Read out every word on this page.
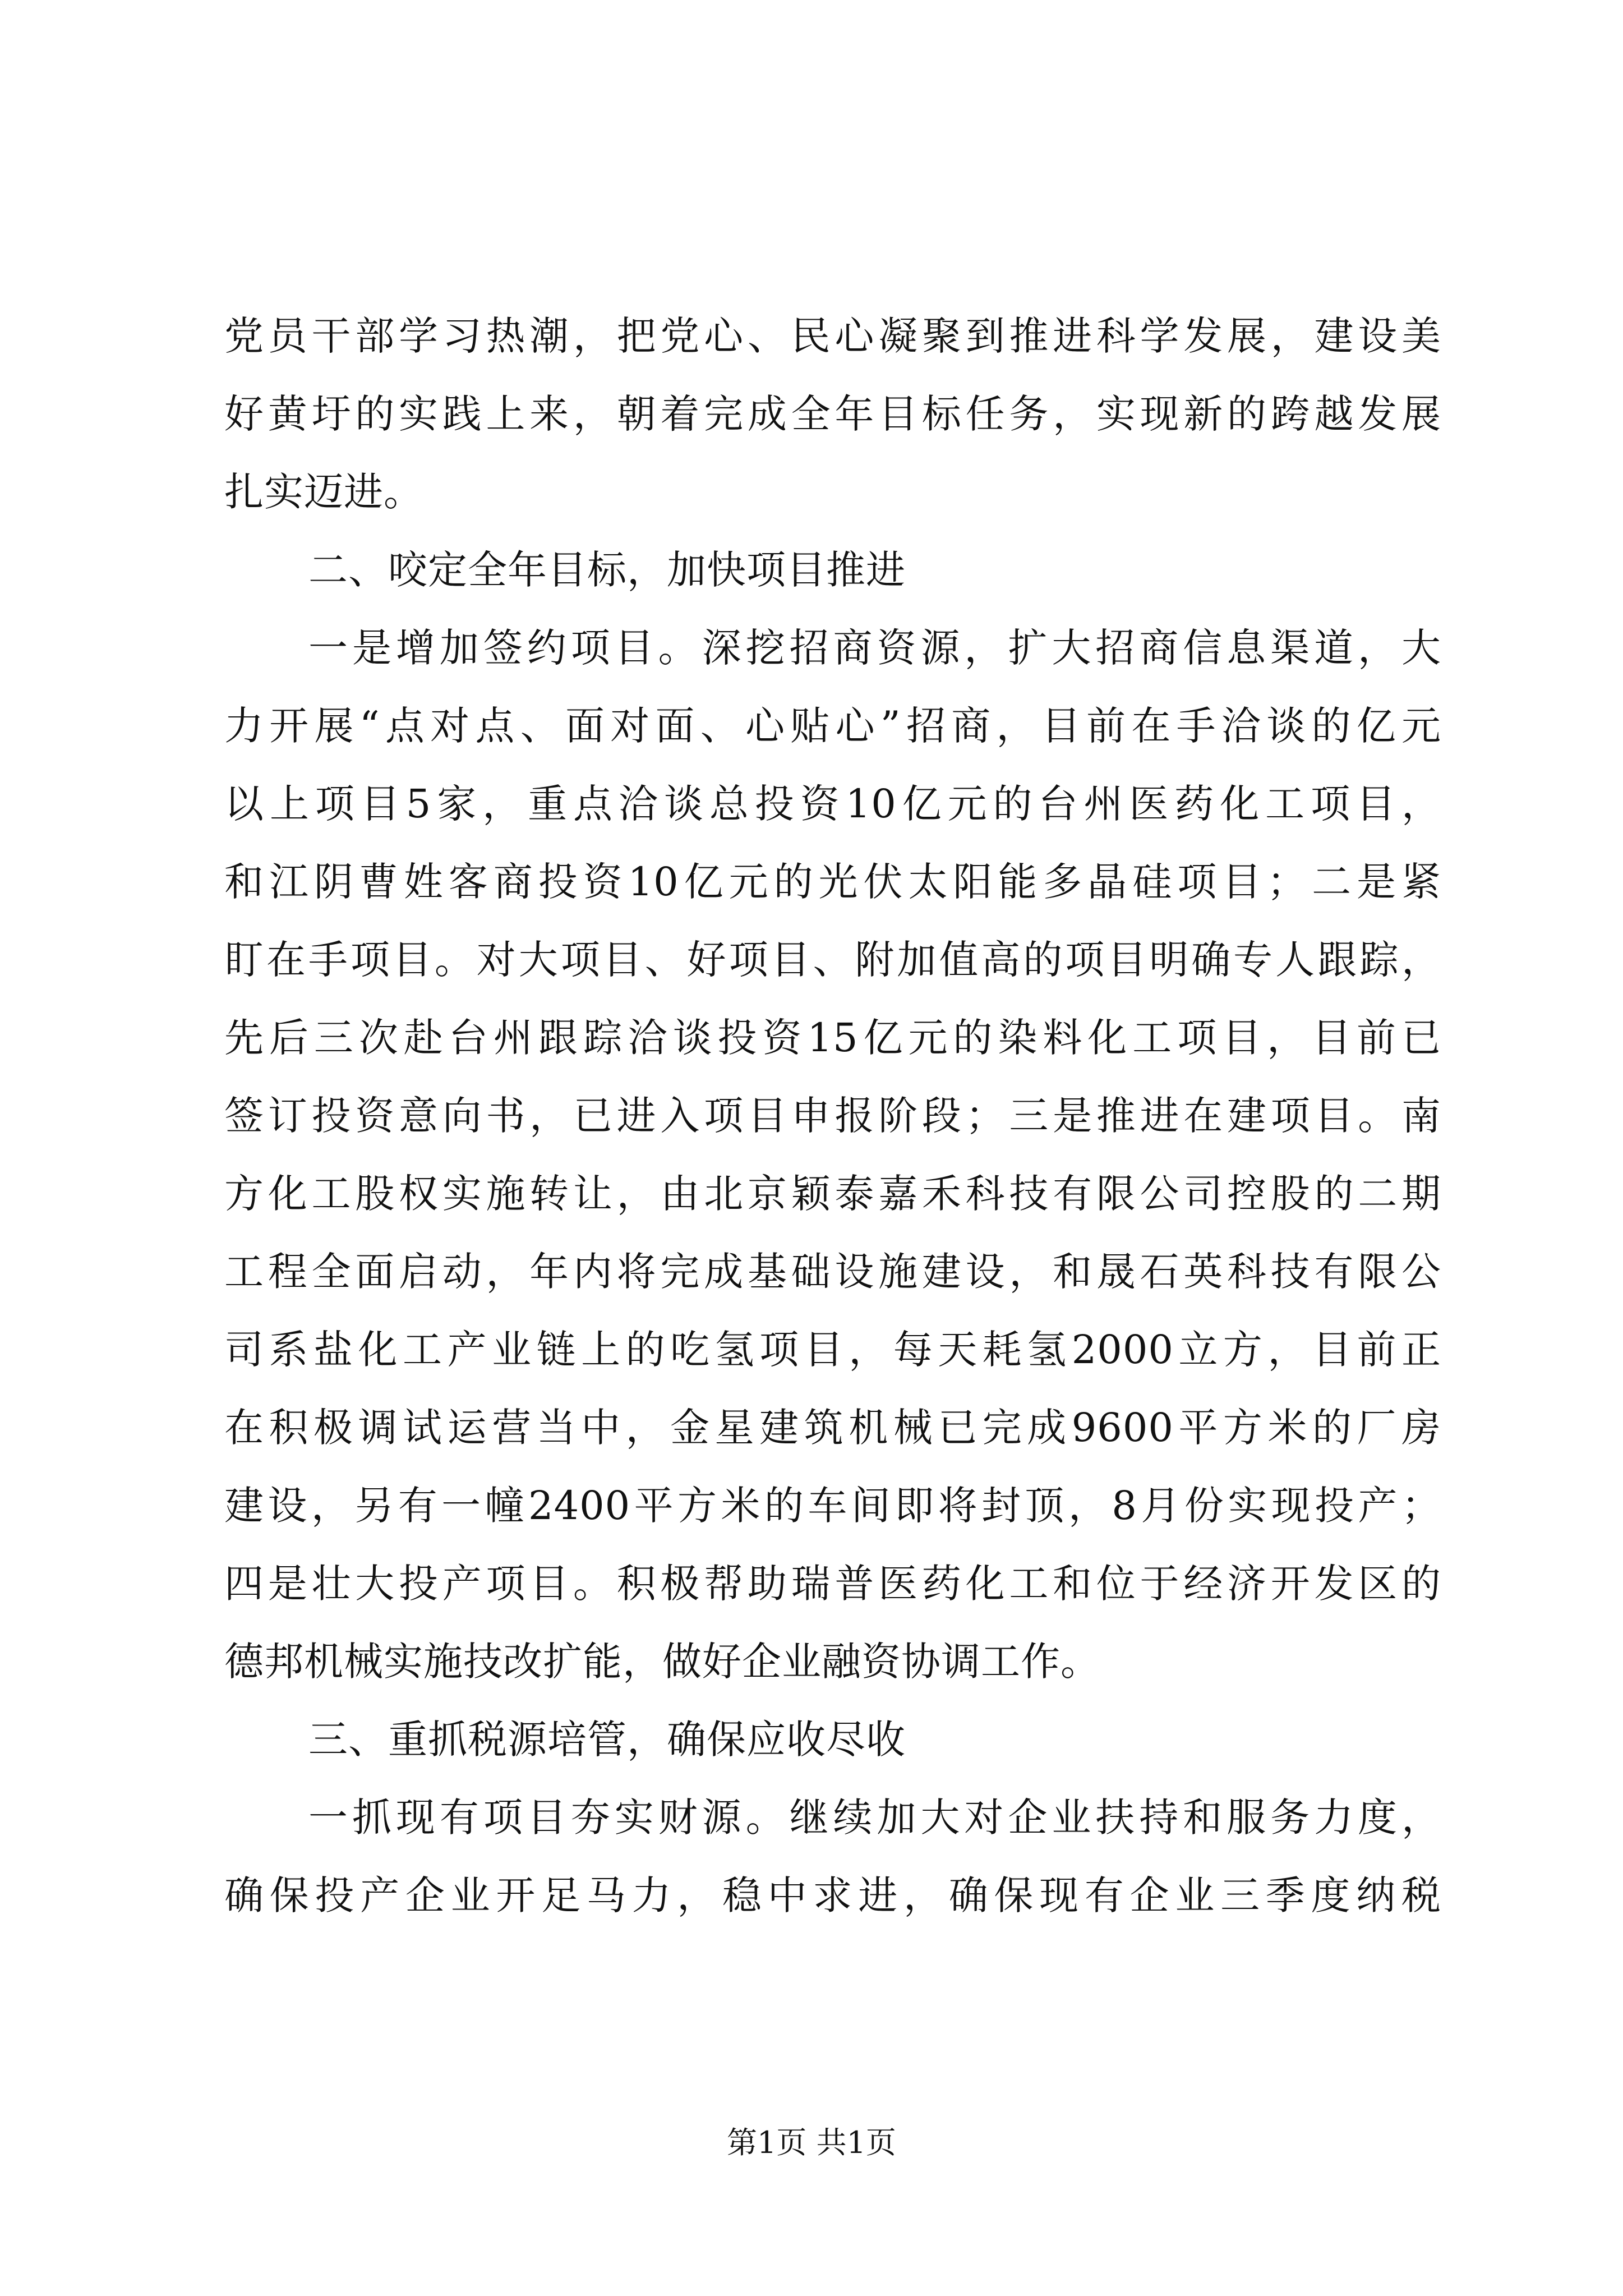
党员干部学习热潮，把党心、民心凝聚到推进科学发展，建设美
好黄圩的实践上来，朝着完成全年目标任务，实现新的跨越发展
扎实迈进。
二、咬定全年目标，加快项目推进
一是增加签约项目。深挖招商资源，扩大招商信息渠道，大
力开展“点对点、面对面、心贴心”招商，目前在手洽谈的亿元
以上项目5家，重点洽谈总投资10亿元的台州医药化工项目，
和江阴曹姓客商投资10亿元的光伏太阳能多晶硅项目；二是紧
盯在手项目。对大项目、好项目、附加值高的项目明确专人跟踪，
先后三次赴台州跟踪洽谈投资15亿元的染料化工项目，目前已
签订投资意向书，已进入项目申报阶段；三是推进在建项目。南
方化工股权实施转让，由北京颖泰嘉禾科技有限公司控股的二期
工程全面启动，年内将完成基础设施建设，和晟石英科技有限公
司系盐化工产业链上的吃氢项目，每天耗氢2000立方，目前正
在积极调试运营当中，金星建筑机械已完成9600平方米的厂房
建设，另有一幢2400平方米的车间即将封顶，8月份实现投产；
四是壮大投产项目。积极帮助瑞普医药化工和位于经济开发区的
德邦机械实施技改扩能，做好企业融资协调工作。
三、重抓税源培管，确保应收尽收
一抓现有项目夯实财源。继续加大对企业扶持和服务力度，
确保投产企业开足马力，稳中求进，确保现有企业三季度纳税
第1页 共1页
